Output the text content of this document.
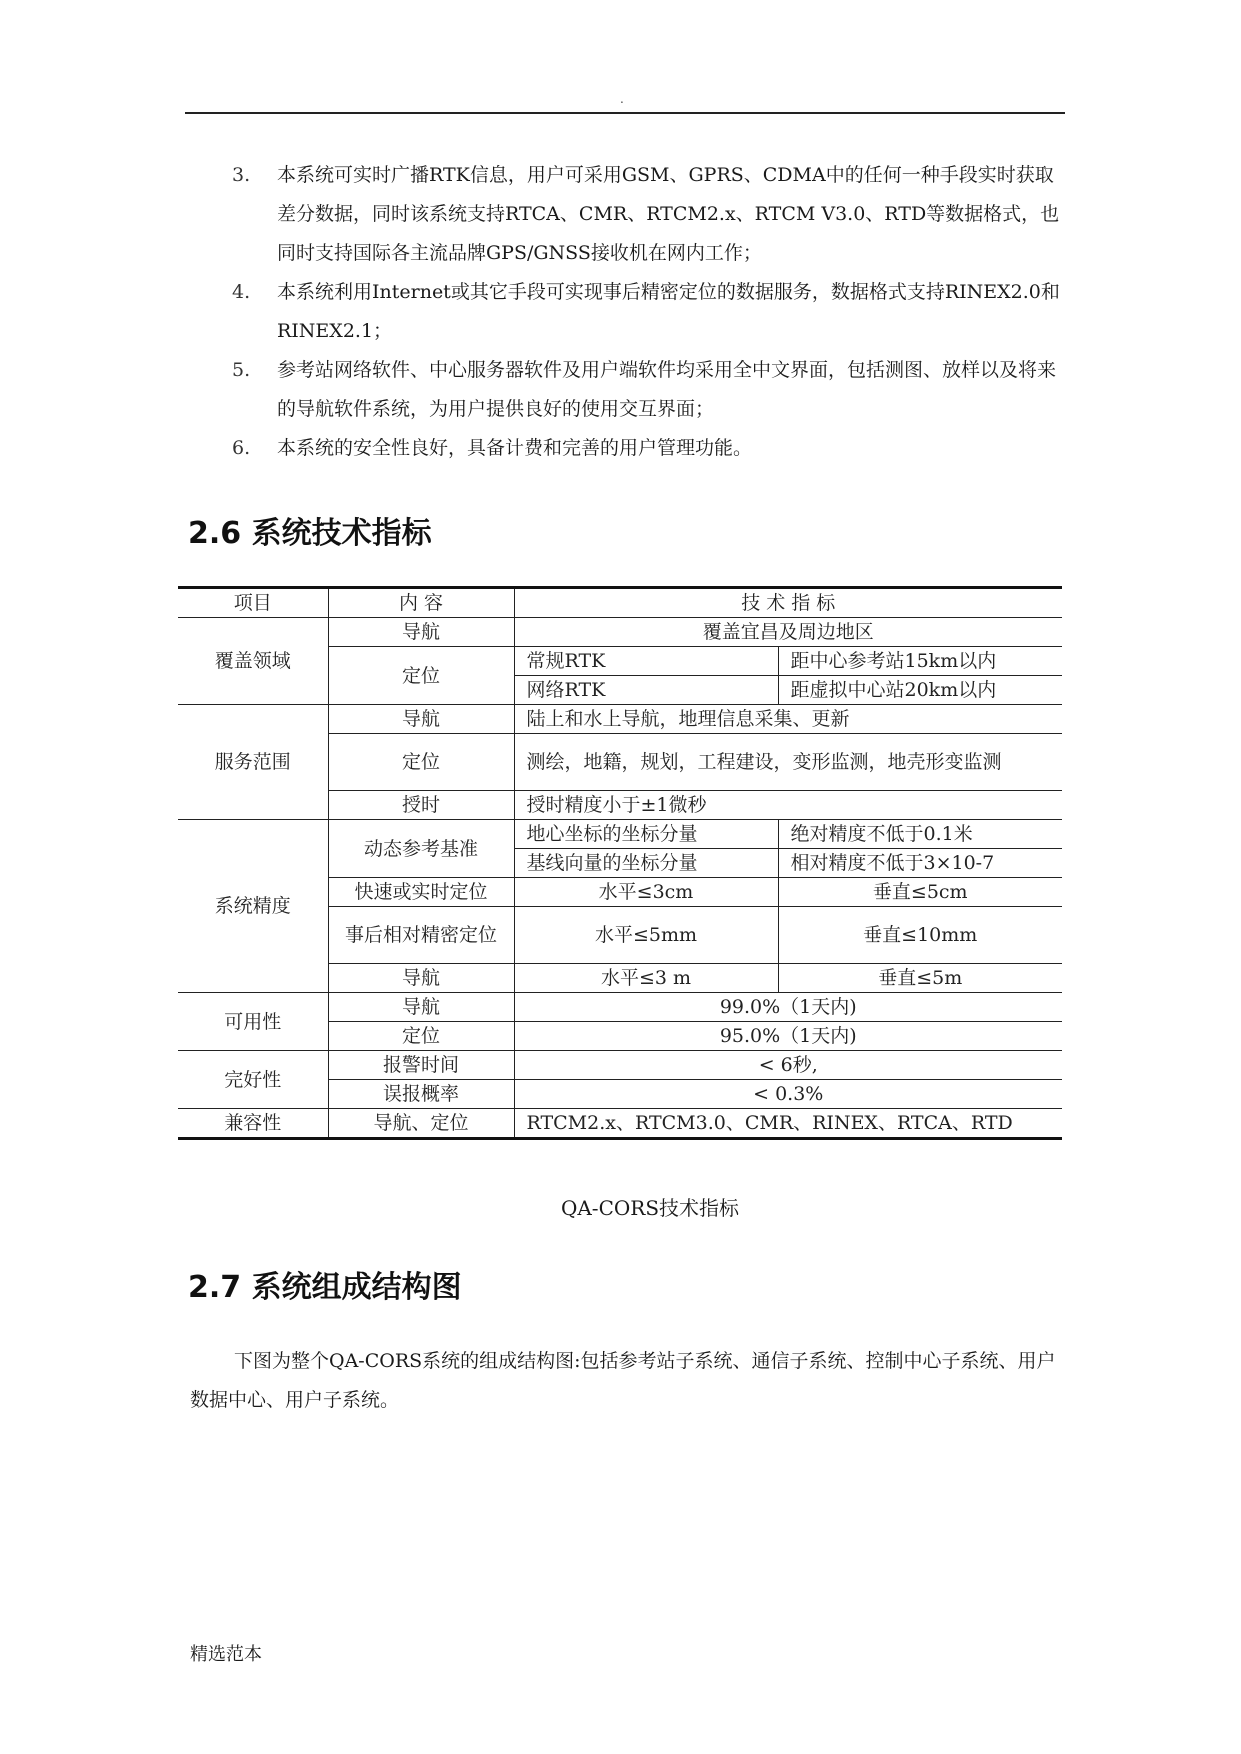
.
3. 本系统可实时广播RTK信息，用户可采用GSM、GPRS、CDMA中的任何一种手段实时获取差分数据，同时该系统支持RTCA、CMR、RTCM2.x、RTCM V3.0、RTD等数据格式，也同时支持国际各主流品牌GPS/GNSS接收机在网内工作；
4. 本系统利用Internet或其它手段可实现事后精密定位的数据服务，数据格式支持RINEX2.0和RINEX2.1；
5. 参考站网络软件、中心服务器软件及用户端软件均采用全中文界面，包括测图、放样以及将来的导航软件系统，为用户提供良好的使用交互界面；
6. 本系统的安全性良好，具备计费和完善的用户管理功能。
2.6 系统技术指标
项目	内 容	技 术 指 标	
覆盖领域	导航	覆盖宜昌及周边地区	
	定位	常规RTK	距中心参考站15km以内
		网络RTK	距虚拟中心站20km以内
服务范围	导航	陆上和水上导航，地理信息采集、更新	
	定位	测绘，地籍，规划，工程建设，变形监测，地壳形变监测	
	授时	授时精度小于±1微秒	
系统精度	动态参考基准	地心坐标的坐标分量	绝对精度不低于0.1米
		基线向量的坐标分量	相对精度不低于3×10-7
	快速或实时定位	水平≤3cm	垂直≤5cm
	事后相对精密定位	水平≤5mm	垂直≤10mm
	导航	水平≤3 m	垂直≤5m
可用性	导航	99.0%（1天内)	
	定位	95.0%（1天内)	
完好性	报警时间	< 6秒,	
	误报概率	< 0.3%	
兼容性	导航、定位	RTCM2.x、RTCM3.0、CMR、RINEX、RTCA、RTD	
QA-CORS技术指标
2.7 系统组成结构图

下图为整个QA-CORS系统的组成结构图:包括参考站子系统、通信子系统、控制中心子系统、用户数据中心、用户子系统。

精选范本
